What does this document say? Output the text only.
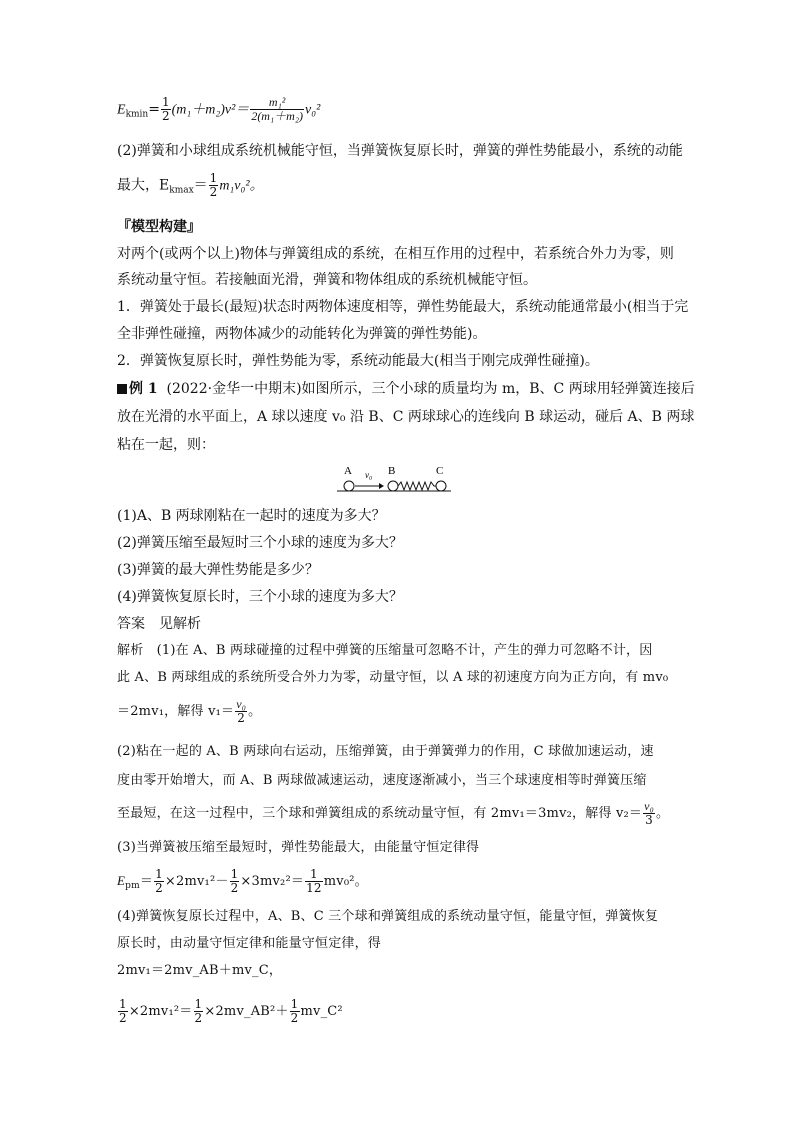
$E_{kmin}= \frac{1}{2} (m_1+m_2)v^2= \frac{\text{m₁²}}{\text{2(m₁＋m₂)}} v_0^2$
(2)弹簧和小球组成系统机械能守恒，当弹簧恢复原长时，弹簧的弹性势能最小，系统的动能
最大，$E_{kmax}= \frac{1}{2} m_1v_0^2$。
『模型构建』
对两个(或两个以上)物体与弹簧组成的系统，在相互作用的过程中，若系统合外力为零，则
系统动量守恒。若接触面光滑，弹簧和物体组成的系统机械能守恒。
1．弹簧处于最长(最短)状态时两物体速度相等，弹性势能最大，系统动能通常最小(相当于完
全非弹性碰撞，两物体减少的动能转化为弹簧的弹性势能)。
2．弹簧恢复原长时，弹性势能为零，系统动能最大(相当于刚完成弹性碰撞)。
例 1 (2022·金华一中期末)如图所示，三个小球的质量均为 m，B、C 两球用轻弹簧连接后
放在光滑的水平面上，A 球以速度 v₀ 沿 B、C 两球球心的连线向 B 球运动，碰后 A、B 两球
粘在一起，则：
A v₀ B	C
(1)A、B 两球刚粘在一起时的速度为多大？
(2)弹簧压缩至最短时三个小球的速度为多大？
(3)弹簧的最大弹性势能是多少？
(4)弹簧恢复原长时，三个小球的速度为多大？
答案　见解析
解析　(1)在 A、B 两球碰撞的过程中弹簧的压缩量可忽略不计，产生的弹力可忽略不计，因
此 A、B 两球组成的系统所受合外力为零，动量守恒，以 A 球的初速度方向为正方向，有 mv₀
＝2mv₁，解得 $v_1= \frac{\text{v₀}}{2}$ 。
(2)粘在一起的 A、B 两球向右运动，压缩弹簧，由于弹簧弹力的作用，C 球做加速运动，速
度由零开始增大，而 A、B 两球做减速运动，速度逐渐减小，当三个球速度相等时弹簧压缩
至最短，在这一过程中，三个球和弹簧组成的系统动量守恒，有 2mv₁＝3mv₂，解得 $v_2= \frac{\text{v₀}}{3}$ 。
(3)当弹簧被压缩至最短时，弹性势能最大，由能量守恒定律得
$E_{pm}= \frac{1}{2} \times 2mv_1^2- \frac{1}{2} \times 3mv_2^2= \frac{1}{12} mv_0^2$。
(4)弹簧恢复原长过程中，A、B、C 三个球和弹簧组成的系统动量守恒，能量守恒，弹簧恢复
原长时，由动量守恒定律和能量守恒定律，得
2mv₁＝2mv_AB＋mv_C，
$\frac{1}{2} \times 2mv_1^2= \frac{1}{2}$ ×2mv_AB²＋ $\frac{1}{2}$ mv_C²
